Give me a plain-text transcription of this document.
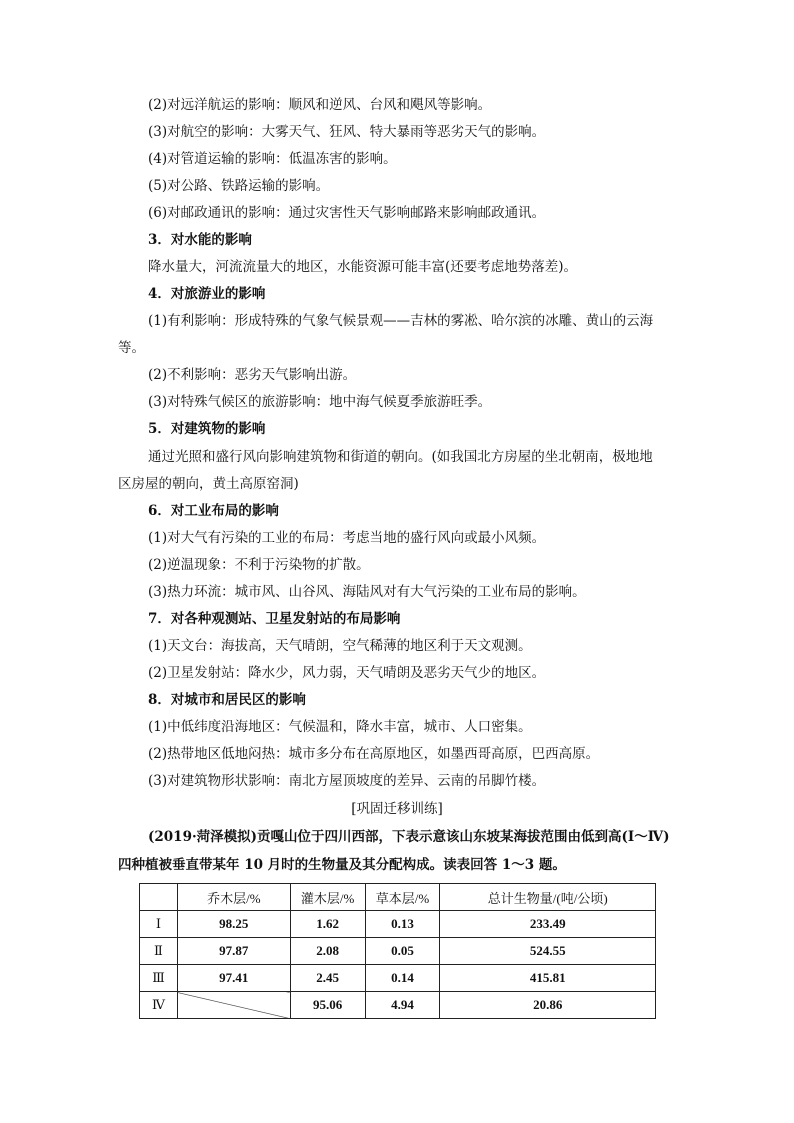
(2)对远洋航运的影响：顺风和逆风、台风和飓风等影响。
(3)对航空的影响：大雾天气、狂风、特大暴雨等恶劣天气的影响。
(4)对管道运输的影响：低温冻害的影响。
(5)对公路、铁路运输的影响。
(6)对邮政通讯的影响：通过灾害性天气影响邮路来影响邮政通讯。
3．对水能的影响
降水量大，河流流量大的地区，水能资源可能丰富(还要考虑地势落差)。
4．对旅游业的影响
(1)有利影响：形成特殊的气象气候景观——吉林的雾凇、哈尔滨的冰雕、黄山的云海
等。
(2)不利影响：恶劣天气影响出游。
(3)对特殊气候区的旅游影响：地中海气候夏季旅游旺季。
5．对建筑物的影响
通过光照和盛行风向影响建筑物和街道的朝向。(如我国北方房屋的坐北朝南，极地地
区房屋的朝向，黄土高原窑洞)
6．对工业布局的影响
(1)对大气有污染的工业的布局：考虑当地的盛行风向或最小风频。
(2)逆温现象：不利于污染物的扩散。
(3)热力环流：城市风、山谷风、海陆风对有大气污染的工业布局的影响。
7．对各种观测站、卫星发射站的布局影响
(1)天文台：海拔高，天气晴朗，空气稀薄的地区利于天文观测。
(2)卫星发射站：降水少，风力弱，天气晴朗及恶劣天气少的地区。
8．对城市和居民区的影响
(1)中低纬度沿海地区：气候温和，降水丰富，城市、人口密集。
(2)热带地区低地闷热：城市多分布在高原地区，如墨西哥高原，巴西高原。
(3)对建筑物形状影响：南北方屋顶坡度的差异、云南的吊脚竹楼。
[巩固迁移训练]
(2019·菏泽模拟)贡嘎山位于四川西部，下表示意该山东坡某海拔范围由低到高(Ⅰ～Ⅳ)
四种植被垂直带某年 10 月时的生物量及其分配构成。读表回答 1～3 题。
	乔木层/%	灌木层/%	草本层/%	总计生物量/(吨/公顷)
Ⅰ	98.25	1.62	0.13	233.49
Ⅱ	97.87	2.08	0.05	524.55
Ⅲ	97.41	2.45	0.14	415.81
Ⅳ		95.06	4.94	20.86
